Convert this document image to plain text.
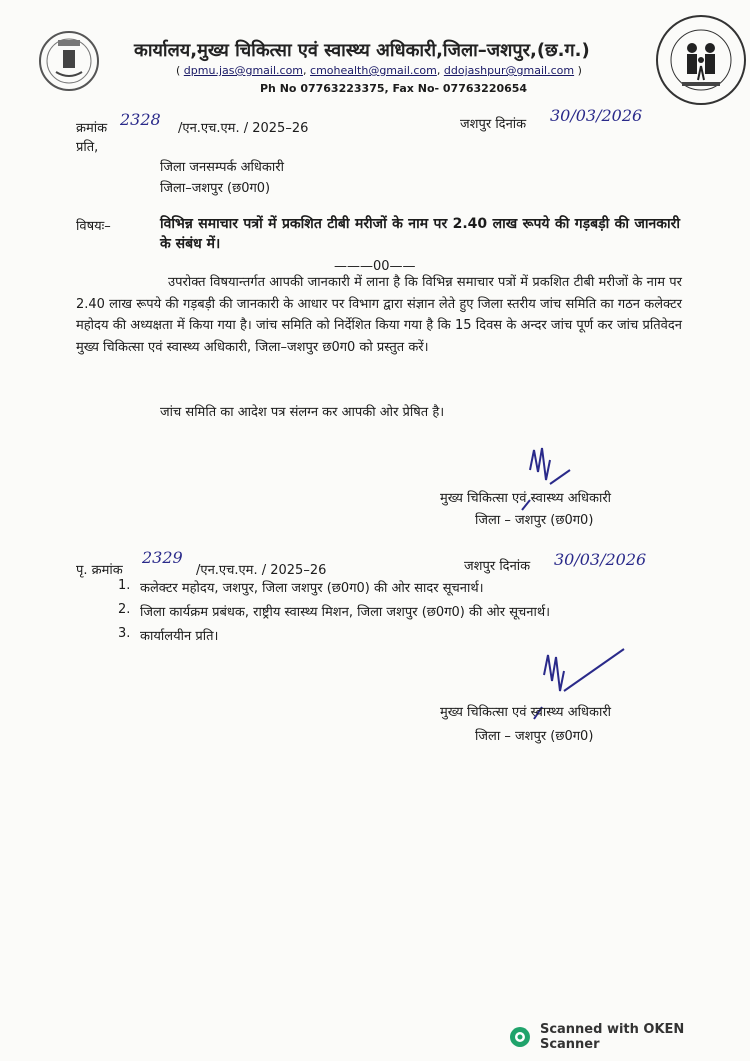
कार्यालय,मुख्य चिकित्सा एवं स्वास्थ्य अधिकारी,जिला–जशपुर,(छ.ग.)
( dpmu.jas@gmail.com, cmohealth@gmail.com, ddojashpur@gmail.com )
Ph No 07763223375, Fax No- 07763220654
क्रमांक 2328 /एन.एच.एम. / 2025–26	जशपुर दिनांक 30/03/2026
प्रति,
जिला जनसम्पर्क अधिकारी
जिला–जशपुर (छ0ग0)
विषयः–	विभिन्न समाचार पत्रों में प्रकशित टीबी मरीजों के नाम पर 2.40 लाख रूपये की गड़बड़ी की जानकारी के संबंध में।
———00——

उपरोक्त विषयान्तर्गत आपकी जानकारी में लाना है कि विभिन्न समाचार पत्रों में प्रकशित टीबी मरीजों के नाम पर 2.40 लाख रूपये की गड़बड़ी की जानकारी के आधार पर विभाग द्वारा संज्ञान लेते हुए जिला स्तरीय जांच समिति का गठन कलेक्टर महोदय की अध्यक्षता में किया गया है। जांच समिति को निर्देशित किया गया है कि 15 दिवस के अन्दर जांच पूर्ण कर जांच प्रतिवेदन मुख्य चिकित्सा एवं स्वास्थ्य अधिकारी, जिला–जशपुर छ0ग0 को प्रस्तुत करें।

जांच समिति का आदेश पत्र संलग्न कर आपकी ओर प्रेषित है।
मुख्य चिकित्सा एवं स्वास्थ्य अधिकारी
जिला – जशपुर (छ0ग0)
पृ. क्रमांक
2329
/एन.एच.एम. / 2025–26	जशपुर दिनांक 30/03/2026
1. कलेक्टर महोदय, जशपुर, जिला जशपुर (छ0ग0) की ओर सादर सूचनार्थ।
2. जिला कार्यक्रम प्रबंधक, राष्ट्रीय स्वास्थ्य मिशन, जिला जशपुर (छ0ग0) की ओर सूचनार्थ।
3. कार्यालयीन प्रति।
मुख्य चिकित्सा एवं स्वास्थ्य अधिकारी
जिला – जशपुर (छ0ग0)
Scanned with OKEN Scanner
